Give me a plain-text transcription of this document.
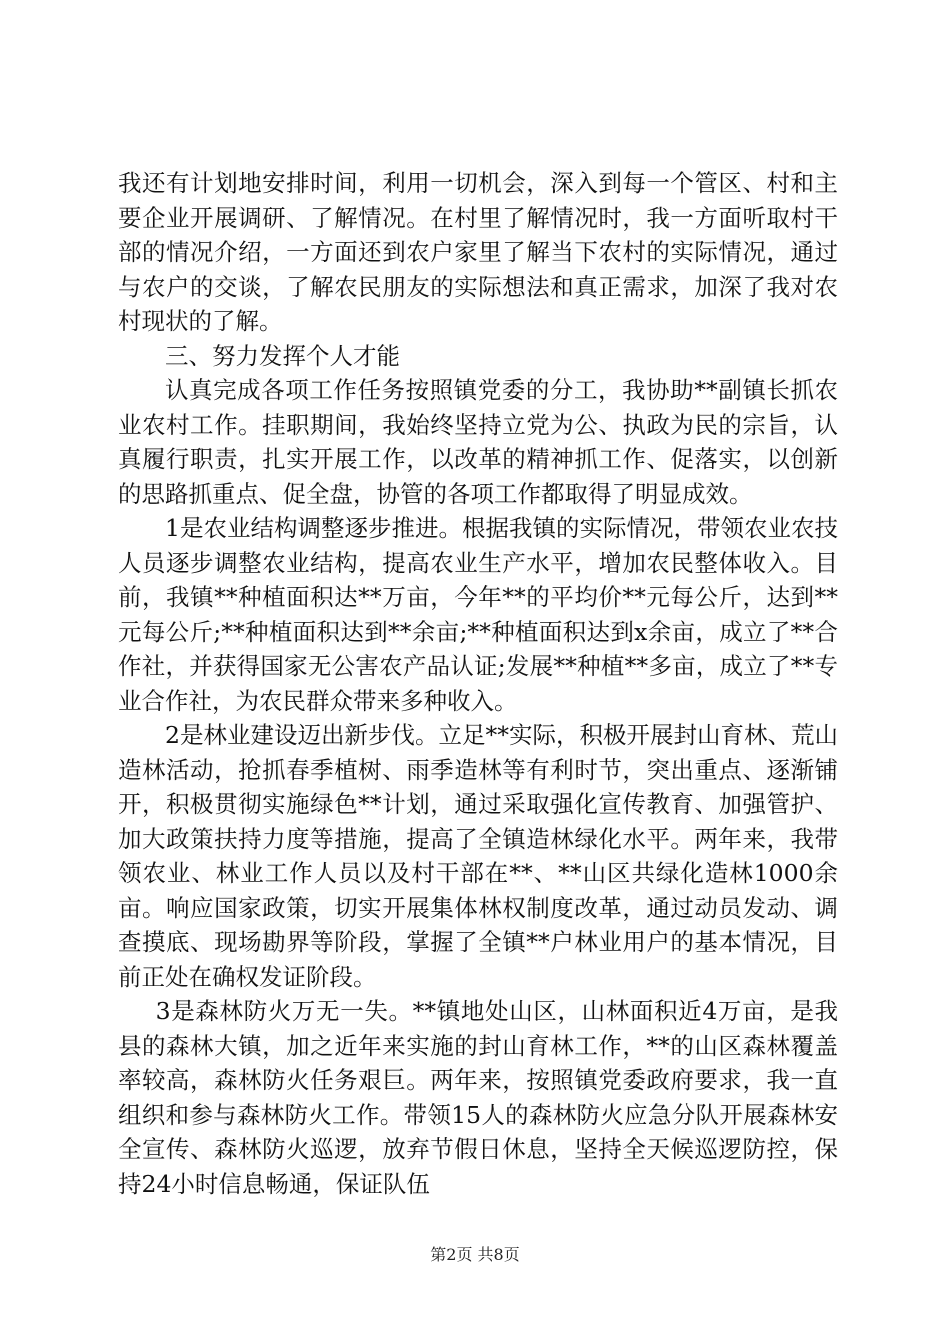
我还有计划地安排时间，利用一切机会，深入到每一个管区、村和主要企业开展调研、了解情况。在村里了解情况时，我一方面听取村干部的情况介绍，一方面还到农户家里了解当下农村的实际情况，通过与农户的交谈，了解农民朋友的实际想法和真正需求，加深了我对农村现状的了解。

三、努力发挥个人才能

认真完成各项工作任务按照镇党委的分工，我协助**副镇长抓农业农村工作。挂职期间，我始终坚持立党为公、执政为民的宗旨，认真履行职责，扎实开展工作，以改革的精神抓工作、促落实，以创新的思路抓重点、促全盘，协管的各项工作都取得了明显成效。

1是农业结构调整逐步推进。根据我镇的实际情况，带领农业农技人员逐步调整农业结构，提高农业生产水平，增加农民整体收入。目前，我镇**种植面积达**万亩，今年**的平均价**元每公斤，达到**元每公斤;**种植面积达到**余亩;**种植面积达到x余亩，成立了**合作社，并获得国家无公害农产品认证;发展**种植**多亩，成立了**专业合作社，为农民群众带来多种收入。

2是林业建设迈出新步伐。立足**实际，积极开展封山育林、荒山造林活动，抢抓春季植树、雨季造林等有利时节，突出重点、逐渐铺开，积极贯彻实施绿色**计划，通过采取强化宣传教育、加强管护、加大政策扶持力度等措施，提高了全镇造林绿化水平。两年来，我带领农业、林业工作人员以及村干部在**、**山区共绿化造林1000余亩。响应国家政策，切实开展集体林权制度改革，通过动员发动、调查摸底、现场勘界等阶段，掌握了全镇**户林业用户的基本情况，目前正处在确权发证阶段。

3是森林防火万无一失。**镇地处山区，山林面积近4万亩，是我县的森林大镇，加之近年来实施的封山育林工作，**的山区森林覆盖率较高，森林防火任务艰巨。两年来，按照镇党委政府要求，我一直组织和参与森林防火工作。带领15人的森林防火应急分队开展森林安全宣传、森林防火巡逻，放弃节假日休息，坚持全天候巡逻防控，保持24小时信息畅通，保证队伍

第2页 共8页
